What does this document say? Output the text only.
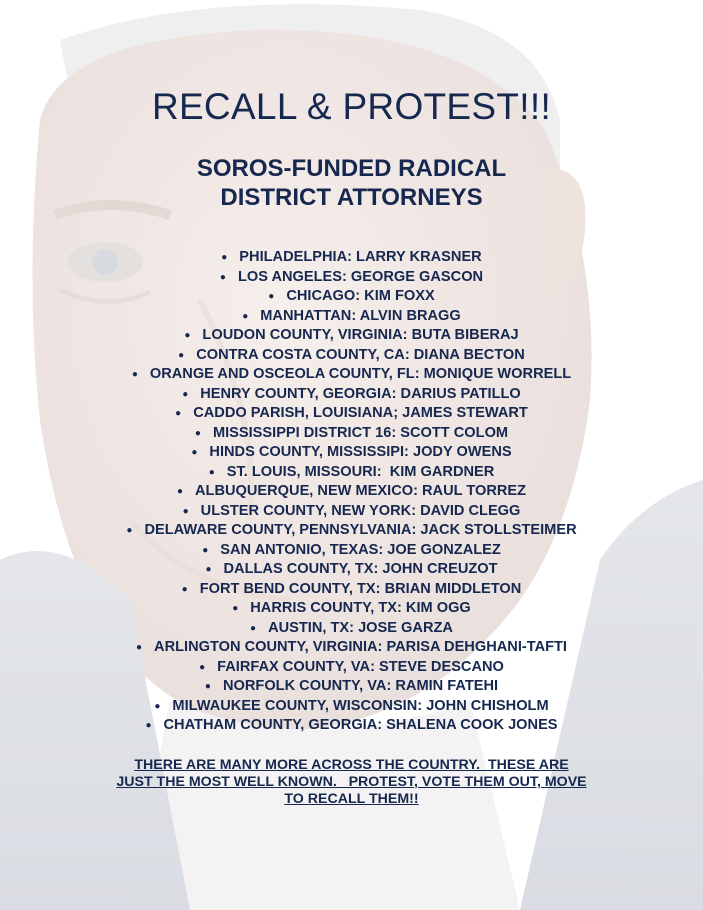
RECALL & PROTEST!!!
SOROS-FUNDED RADICAL
DISTRICT ATTORNEYS
● PHILADELPHIA: LARRY KRASNER
● LOS ANGELES: GEORGE GASCON
● CHICAGO: KIM FOXX
● MANHATTAN: ALVIN BRAGG
● LOUDON COUNTY, VIRGINIA: BUTA BIBERAJ
● CONTRA COSTA COUNTY, CA: DIANA BECTON
● ORANGE AND OSCEOLA COUNTY, FL: MONIQUE WORRELL
● HENRY COUNTY, GEORGIA: DARIUS PATILLO
● CADDO PARISH, LOUISIANA; JAMES STEWART
● MISSISSIPPI DISTRICT 16: SCOTT COLOM
● HINDS COUNTY, MISSISSIPI: JODY OWENS
● ST. LOUIS, MISSOURI:  KIM GARDNER
● ALBUQUERQUE, NEW MEXICO: RAUL TORREZ
● ULSTER COUNTY, NEW YORK: DAVID CLEGG
● DELAWARE COUNTY, PENNSYLVANIA: JACK STOLLSTEIMER
● SAN ANTONIO, TEXAS: JOE GONZALEZ
● DALLAS COUNTY, TX: JOHN CREUZOT
● FORT BEND COUNTY, TX: BRIAN MIDDLETON
● HARRIS COUNTY, TX: KIM OGG
● AUSTIN, TX: JOSE GARZA
● ARLINGTON COUNTY, VIRGINIA: PARISA DEHGHANI-TAFTI
● FAIRFAX COUNTY, VA: STEVE DESCANO
● NORFOLK COUNTY, VA: RAMIN FATEHI
● MILWAUKEE COUNTY, WISCONSIN: JOHN CHISHOLM
● CHATHAM COUNTY, GEORGIA: SHALENA COOK JONES

THERE ARE MANY MORE ACROSS THE COUNTRY.  THESE ARE
JUST THE MOST WELL KNOWN.   PROTEST, VOTE THEM OUT, MOVE
TO RECALL THEM!!
